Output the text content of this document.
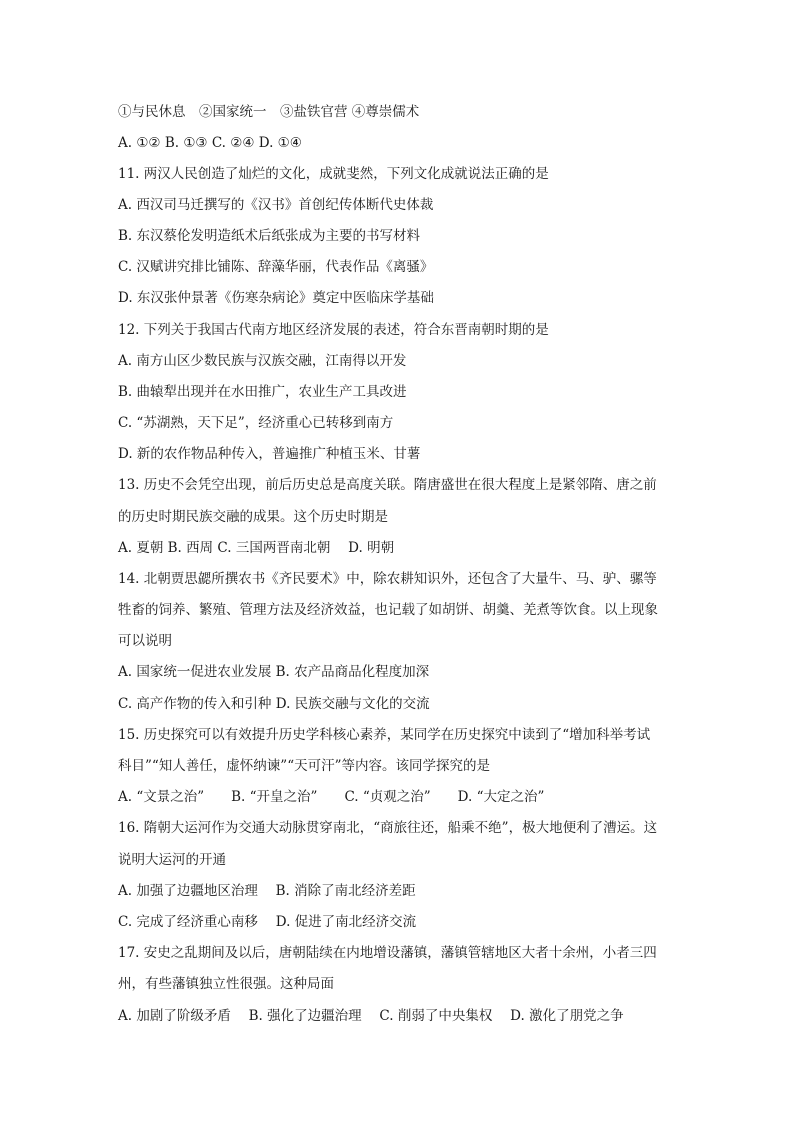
①与民休息　②国家统一　③盐铁官营 ④尊崇儒术
A. ①② B. ①③ C. ②④ D. ①④
11. 两汉人民创造了灿烂的文化，成就斐然，下列文化成就说法正确的是
A. 西汉司马迁撰写的《汉书》首创纪传体断代史体裁
B. 东汉蔡伦发明造纸术后纸张成为主要的书写材料
C. 汉赋讲究排比铺陈、辞藻华丽，代表作品《离骚》
D. 东汉张仲景著《伤寒杂病论》奠定中医临床学基础
12. 下列关于我国古代南方地区经济发展的表述，符合东晋南朝时期的是
A. 南方山区少数民族与汉族交融，江南得以开发
B. 曲辕犁出现并在水田推广，农业生产工具改进
C. “苏湖熟，天下足”，经济重心已转移到南方
D. 新的农作物品种传入，普遍推广种植玉米、甘薯
13. 历史不会凭空出现，前后历史总是高度关联。隋唐盛世在很大程度上是紧邻隋、唐之前
的历史时期民族交融的成果。这个历史时期是
A. 夏朝 B. 西周 C. 三国两晋南北朝　 D. 明朝
14. 北朝贾思勰所撰农书《齐民要术》中，除农耕知识外，还包含了大量牛、马、驴、骡等
牲畜的饲养、繁殖、管理方法及经济效益，也记载了如胡饼、胡羹、羌煮等饮食。以上现象
可以说明
A. 国家统一促进农业发展 B. 农产品商品化程度加深
C. 高产作物的传入和引种 D. 民族交融与文化的交流
15. 历史探究可以有效提升历史学科核心素养，某同学在历史探究中读到了“增加科举考试
科目”“知人善任，虚怀纳谏”“天可汗”等内容。该同学探究的是
A. “文景之治”　　B. “开皇之治”　　C. “贞观之治”　　D. “大定之治”
16. 隋朝大运河作为交通大动脉贯穿南北，“商旅往还，船乘不绝”，极大地便利了漕运。这
说明大运河的开通
A. 加强了边疆地区治理　 B. 消除了南北经济差距
C. 完成了经济重心南移　 D. 促进了南北经济交流
17. 安史之乱期间及以后，唐朝陆续在内地增设藩镇，藩镇管辖地区大者十余州，小者三四
州，有些藩镇独立性很强。这种局面
A. 加剧了阶级矛盾　 B. 强化了边疆治理　 C. 削弱了中央集权　 D. 激化了朋党之争
